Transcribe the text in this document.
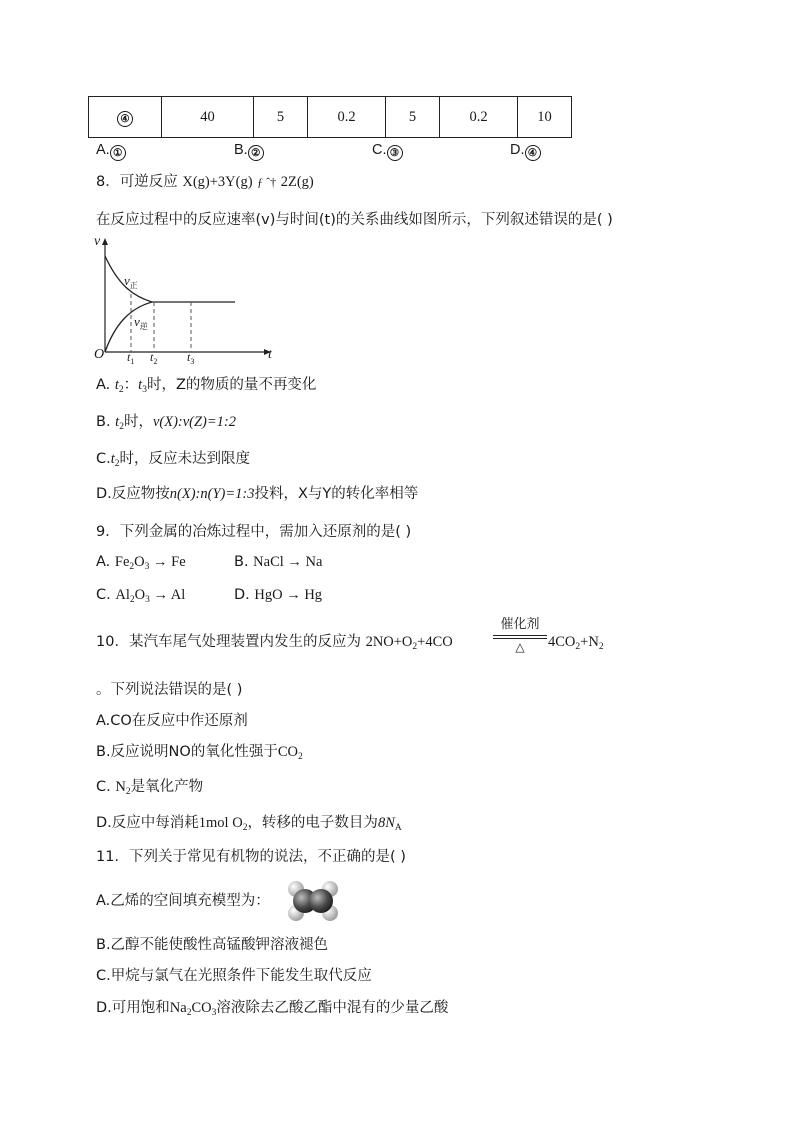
④	40	5	0.2	5	0.2	10
A. ①	B. ②	C. ③	D. ④
8．可逆反应 X(g)+3Y(g) ƒ ˆ† 2Z(g)
在反应过程中的反应速率(v)与时间(t)的关系曲线如图所示，下列叙述错误的是( )
v
O	t
$v_正$
$v_逆$
$t_1$ $t_2$ $t_3$
A. $t_2$：$t_3$时，Z的物质的量不再变化
B. $t_2$时，v(X):v(Z)=1:2
$C.t_2$时，反应未达到限度
D.反应物按n(X):n(Y)=1:3投料，X与Y的转化率相等
9．下列金属的冶炼过程中，需加入还原剂的是( )
A. $Fe_2O_3 \to Fe$	B. NaCl → Na
C. $Al_2O_3 \to Al$	D. HgO → Hg
10．某汽车尾气处理装置内发生的反应为 $2NO+O_2+4CO$
催化剂
△	$4CO_2+N_2$
。下列说法错误的是( )
A.CO在反应中作还原剂
B.反应说明NO的氧化性强于$CO_2$
C. $N_2$是氧化产物
D.反应中每消耗1mol $O_2$，转移的电子数目为$8N_A$
11．下列关于常见有机物的说法，不正确的是( )
A.乙烯的空间填充模型为：
B.乙醇不能使酸性高锰酸钾溶液褪色
C.甲烷与氯气在光照条件下能发生取代反应
D.可用饱和$Na_2CO_3$溶液除去乙酸乙酯中混有的少量乙酸
